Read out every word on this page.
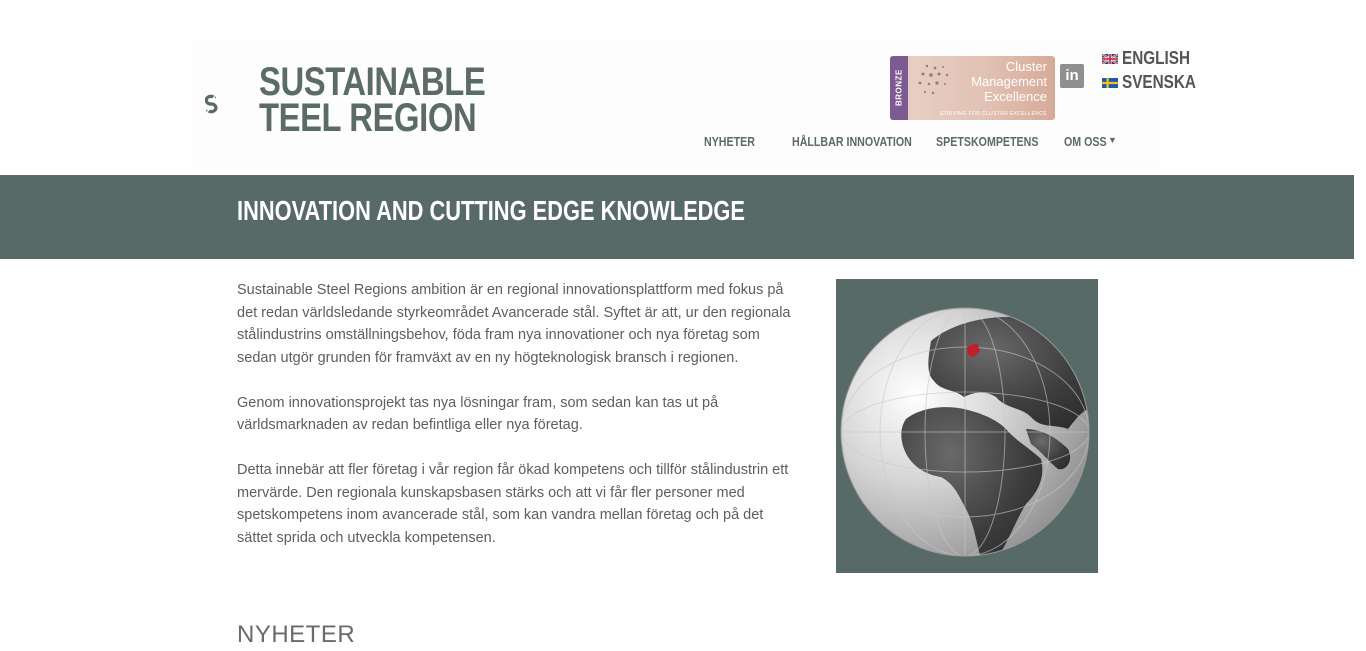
SUSTAINABLE
TEEL REGION
BRONZE
Cluster
Management
Excellence
STRIVING FOR CLUSTER EXCELLENCE
in
ENGLISH
SVENSKA
NYHETER	HÅLLBAR INNOVATION SPETSKOMPETENS OM OSS ▼
INNOVATION AND CUTTING EDGE KNOWLEDGE

Sustainable Steel Regions ambition är en regional innovationsplattform med fokus på det redan världsledande styrkeområdet Avancerade stål. Syftet är att, ur den regionala stålindustrins omställningsbehov, föda fram nya innovationer och nya företag som sedan utgör grunden för framväxt av en ny högteknologisk bransch i regionen.

Genom innovationsprojekt tas nya lösningar fram, som sedan kan tas ut på världsmarknaden av redan befintliga eller nya företag.

Detta innebär att fler företag i vår region får ökad kompetens och tillför stålindustrin ett mervärde. Den regionala kunskapsbasen stärks och att vi får fler personer med spetskompetens inom avancerade stål, som kan vandra mellan företag och på det sättet sprida och utveckla kompetensen.

NYHETER
